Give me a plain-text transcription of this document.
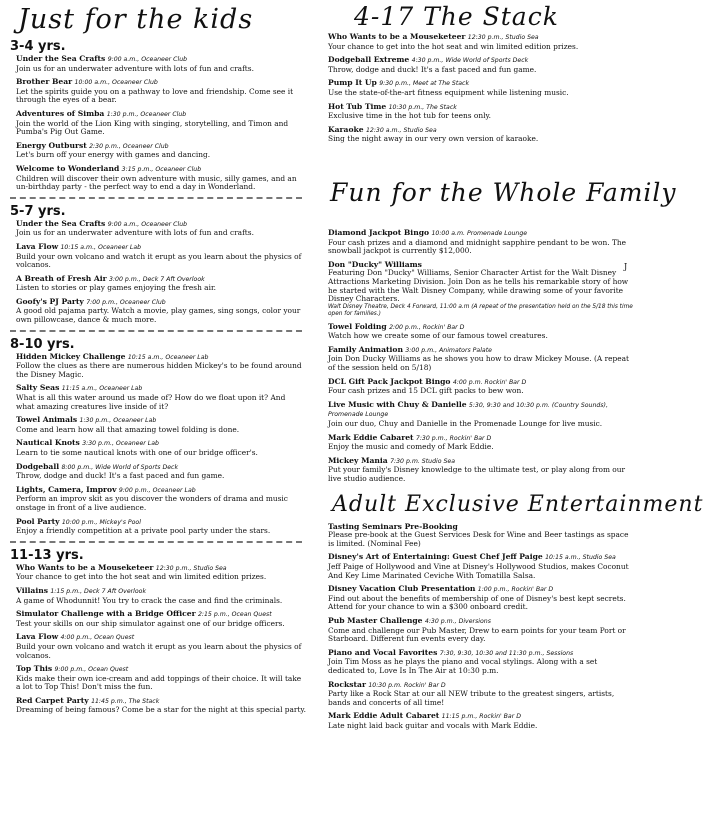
Just for the kids
3-4 yrs.
Under the Sea Crafts 9:00 a.m., Oceaneer Club
Join us for an underwater adventure with lots of fun and crafts.
Brother Bear 10:00 a.m., Oceaneer Club
Let the spirits guide you on a pathway to love and friendship. Come see it through the eyes of a bear.
Adventures of Simba 1:30 p.m., Oceaneer Club
Join the world of the Lion King with singing, storytelling, and Timon and Pumba's Pig Out Game.
Energy Outburst 2:30 p.m., Oceaneer Club
Let's burn off your energy with games and dancing.
Welcome to Wonderland 3:15 p.m., Oceaneer Club
Children will discover their own adventure with music, silly games, and an un-birthday party - the perfect way to end a day in Wonderland.
5-7 yrs.
Under the Sea Crafts 9:00 a.m., Oceaneer Club
Join us for an underwater adventure with lots of fun and crafts.
Lava Flow 10:15 a.m., Oceaneer Lab
Build your own volcano and watch it erupt as you learn about the physics of volcanos.
A Breath of Fresh Air 3:00 p.m., Deck 7 Aft Overlook
Listen to stories or play games enjoying the fresh air.
Goofy's PJ Party 7:00 p.m., Oceaneer Club
A good old pajama party. Watch a movie, play games, sing songs, color your own pillowcase, dance & much more.
8-10 yrs.
Hidden Mickey Challenge 10:15 a.m., Oceaneer Lab
Follow the clues as there are numerous hidden Mickey's to be found around the Disney Magic.
Salty Seas 11:15 a.m., Oceaneer Lab
What is all this water around us made of? How do we float upon it? And what amazing creatures live inside of it?
Towel Animals 1:30 p.m., Oceaneer Lab
Come and learn how all that amazing towel folding is done.
Nautical Knots 3:30 p.m., Oceaneer Lab
Learn to tie some nautical knots with one of our bridge officer's.
Dodgeball 8:00 p.m., Wide World of Sports Deck
Throw, dodge and duck! It's a fast paced and fun game.
Lights, Camera, Improv 9:00 p.m., Oceaneer Lab
Perform an improv skit as you discover the wonders of drama and music onstage in front of a live audience.
Pool Party 10:00 p.m., Mickey's Pool
Enjoy a friendly competition at a private pool party under the stars.
11-13 yrs.
Who Wants to be a Mouseketeer 12:30 p.m., Studio Sea
Your chance to get into the hot seat and win limited edition prizes.
Villains 1:15 p.m., Deck 7 Aft Overlook
A game of Whodunnit! You try to crack the case and find the criminals.
Simulator Challenge with a Bridge Officer 2:15 p.m., Ocean Quest
Test your skills on our ship simulator against one of our bridge officers.
Lava Flow 4:00 p.m., Ocean Quest
Build your own volcano and watch it erupt as you learn about the physics of volcanos.
Top This 9:00 p.m., Ocean Quest
Kids make their own ice-cream and add toppings of their choice. It will take a lot to Top This! Don't miss the fun.
Red Carpet Party 11:45 p.m., The Stack
Dreaming of being famous? Come be a star for the night at this special party.
4-17 The Stack
Who Wants to be a Mouseketeer 12:30 p.m., Studio Sea
Your chance to get into the hot seat and win limited edition prizes.
Dodgeball Extreme 4:30 p.m., Wide World of Sports Deck
Throw, dodge and duck! It's a fast paced and fun game.
Pump It Up 9:30 p.m., Meet at The Stack
Use the state-of-the-art fitness equipment while listening music.
Hot Tub Time 10:30 p.m., The Stack
Exclusive time in the hot tub for teens only.
Karaoke 12:30 a.m., Studio Sea
Sing the night away in our very own version of karaoke.
Fun for the Whole Family
Diamond Jackpot Bingo 10:00 a.m. Promenade Lounge
Four cash prizes and a diamond and midnight sapphire pendant to be won. The snowball jackpot is currently $12,000.
Don "Ducky" Williams
Featuring Don "Ducky" Williams, Senior Character Artist for the Walt Disney Attractions Marketing Division. Join Don as he tells his remarkable story of how he started with the Walt Disney Company, while drawing some of your favorite Disney Characters.
Walt Disney Theatre, Deck 4 Forward, 11:00 a.m (A repeat of the presentation held on the 5/18 this time open for families.)
Towel Folding 2:00 p.m., Rockin' Bar D
Watch how we create some of our famous towel creatures.
Family Animation 3:00 p.m., Animators Palate
Join Don Ducky Williams as he shows you how to draw Mickey Mouse. (A repeat of the session held on 5/18)
DCL Gift Pack Jackpot Bingo 4:00 p.m. Rockin' Bar D
Four cash prizes and 15 DCL gift packs to bew won.
Live Music with Chuy & Danielle 5:30, 9:30 and 10:30 p.m. (Country Sounds), Promenade Lounge
Join our duo, Chuy and Danielle in the Promenade Lounge for live music.
Mark Eddie Cabaret 7:30 p.m., Rockin' Bar D
Enjoy the music and comedy of Mark Eddie.
Mickey Mania 7:30 p.m. Studio Sea
Put your family's Disney knowledge to the ultimate test, or play along from our live studio audience.
Adult Exclusive Entertainment
Tasting Seminars Pre-Booking
Please pre-book at the Guest Services Desk for Wine and Beer tastings as space is limited. (Nominal Fee)
Disney's Art of Entertaining: Guest Chef Jeff Paige 10:15 a.m., Studio Sea
Jeff Paige of Hollywood and Vine at Disney's Hollywood Studios, makes Coconut And Key Lime Marinated Ceviche With Tomatilla Salsa.
Disney Vacation Club Presentation 1:00 p.m., Rockin' Bar D
Find out about the benefits of membership of one of Disney's best kept secrets. Attend for your chance to win a $300 onboard credit.
Pub Master Challenge 4:30 p.m., Diversions
Come and challenge our Pub Master, Drew to earn points for your team Port or Starboard. Different fun events every day.
Piano and Vocal Favorites 7:30, 9:30, 10:30 and 11:30 p.m., Sessions
Join Tim Moss as he plays the piano and vocal stylings. Along with a set dedicated to, Love Is In The Air at 10:30 p.m.
Rockstar 10:30 p.m. Rockin' Bar D
Party like a Rock Star at our all NEW tribute to the greatest singers, artists, bands and concerts of all time!
Mark Eddie Adult Cabaret 11:15 p.m., Rockin' Bar D
Late night laid back guitar and vocals with Mark Eddie.
J
